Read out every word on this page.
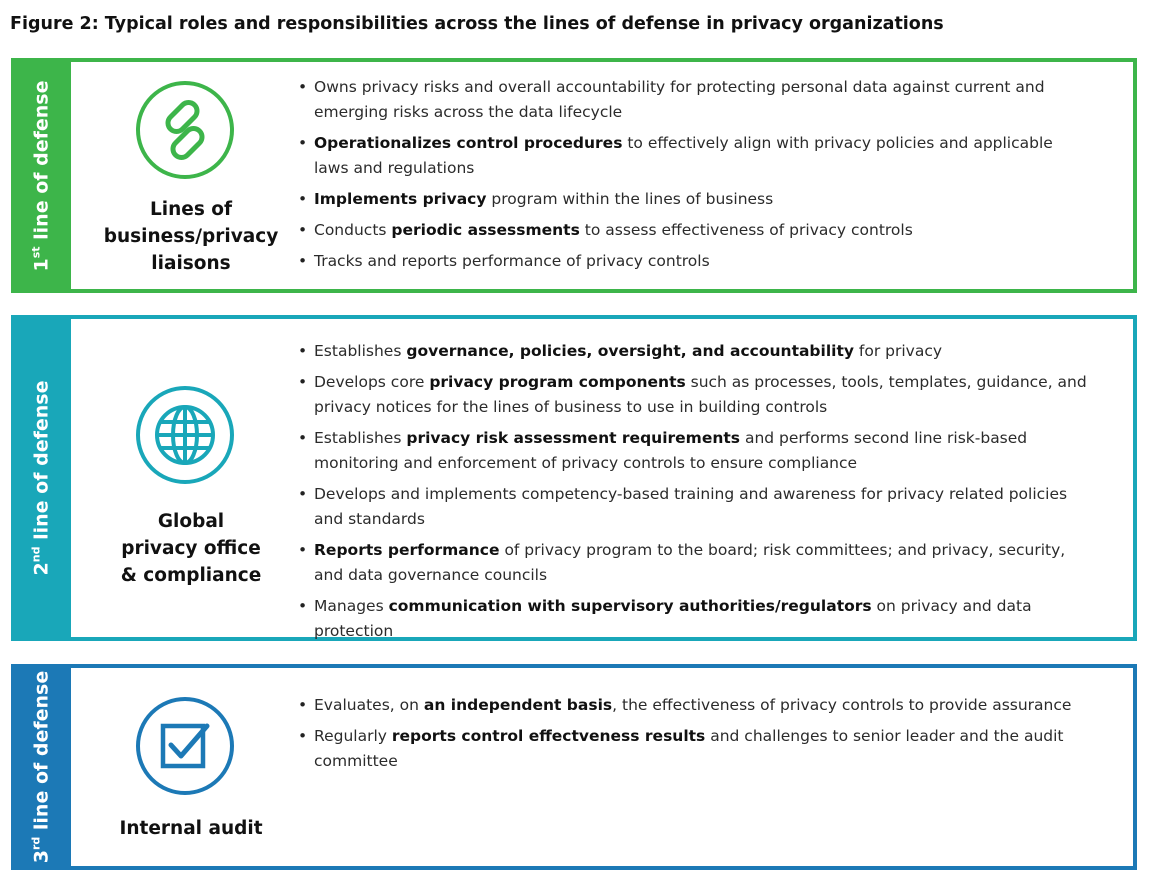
Figure 2: Typical roles and responsibilities across the lines of defense in privacy organizations
1st line of defense	Lines of
business/privacy
liaisons
• Owns privacy risks and overall accountability for protecting personal data against current and emerging risks across the data lifecycle
• Operationalizes control procedures to effectively align with privacy policies and applicable laws and regulations
• Implements privacy program within the lines of business
• Conducts periodic assessments to assess effectiveness of privacy controls
• Tracks and reports performance of privacy controls
2nd line of defense	Global
privacy office
& compliance
• Establishes governance, policies, oversight, and accountability for privacy
• Develops core privacy program components such as processes, tools, templates, guidance, and privacy notices for the lines of business to use in building controls
• Establishes privacy risk assessment requirements and performs second line risk-based monitoring and enforcement of privacy controls to ensure compliance
• Develops and implements competency-based training and awareness for privacy related policies and standards
• Reports performance of privacy program to the board; risk committees; and privacy, security, and data governance councils
• Manages communication with supervisory authorities/regulators on privacy and data protection
3rd line of defense	Internal audit
• Evaluates, on an independent basis, the effectiveness of privacy controls to provide assurance
• Regularly reports control effectveness results and challenges to senior leader and the audit committee
